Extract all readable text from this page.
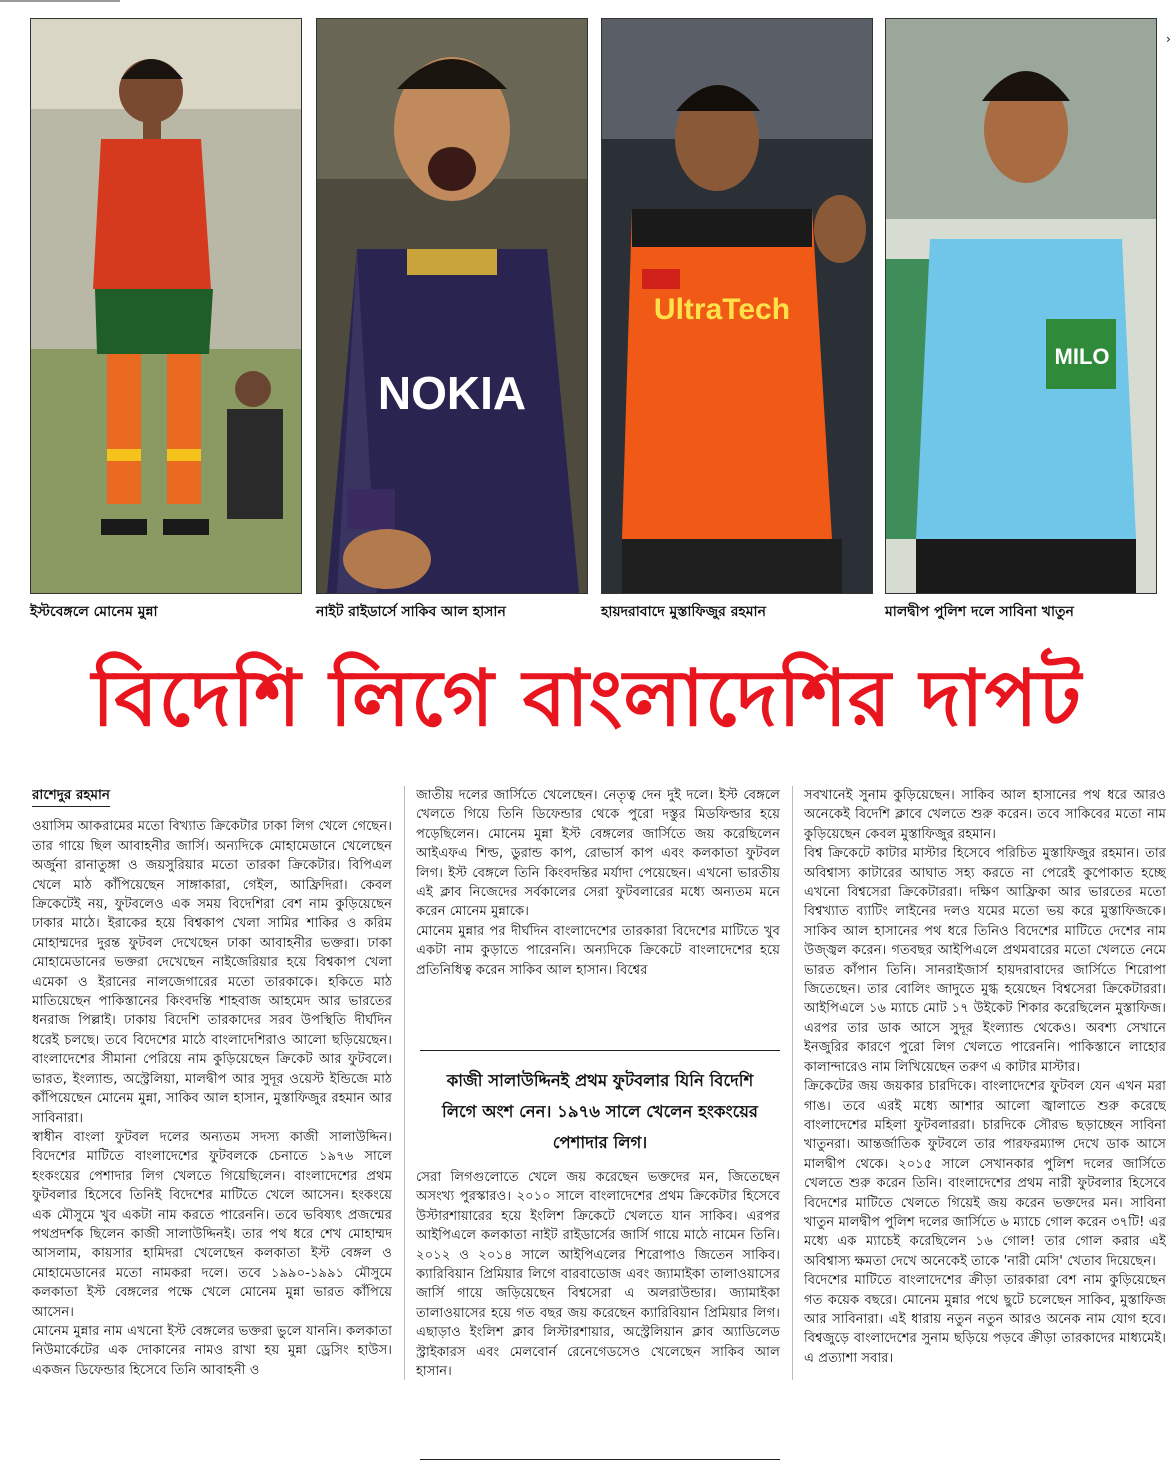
NOKIA
UltraTech
MILO
ইস্টবেঙ্গলে মোনেম মুন্না	নাইট রাইডার্সে সাকিব আল হাসান	হায়দরাবাদে মুস্তাফিজুর রহমান	মালদ্বীপ পুলিশ দলে সাবিনা খাতুন
›
বিদেশি লিগে বাংলাদেশির দাপট
রাশেদুর রহমান

ওয়াসিম আকরামের মতো বিখ্যাত ক্রিকেটার ঢাকা লিগ খেলে গেছেন। তার গায়ে ছিল আবাহনীর জার্সি। অন্যদিকে মোহামেডানে খেলেছেন অর্জুনা রানাতুঙ্গা ও জয়সুরিয়ার মতো তারকা ক্রিকেটার। বিপিএল খেলে মাঠ কাঁপিয়েছেন সাঙ্গাকারা, গেইল, আফ্রিদিরা। কেবল ক্রিকেটেই নয়, ফুটবলেও এক সময় বিদেশিরা বেশ নাম কুড়িয়েছেন ঢাকার মাঠে। ইরাকের হয়ে বিশ্বকাপ খেলা সামির শাকির ও করিম মোহাম্মদের দুরন্ত ফুটবল দেখেছেন ঢাকা আবাহনীর ভক্তরা। ঢাকা মোহামেডানের ভক্তরা দেখেছেন নাইজেরিয়ার হয়ে বিশ্বকাপ খেলা এমেকা ও ইরানের নালজেগারের মতো তারকাকে। হকিতে মাঠ মাতিয়েছেন পাকিস্তানের কিংবদন্তি শাহবাজ আহমেদ আর ভারতের ধনরাজ পিল্লাই। ঢাকায় বিদেশি তারকাদের সরব উপস্থিতি দীর্ঘদিন ধরেই চলছে। তবে বিদেশের মাঠে বাংলাদেশিরাও আলো ছড়িয়েছেন। বাংলাদেশের সীমানা পেরিয়ে নাম কুড়িয়েছেন ক্রিকেট আর ফুটবলে। ভারত, ইংল্যান্ড, অস্ট্রেলিয়া, মালদ্বীপ আর সুদূর ওয়েস্ট ইন্ডিজে মাঠ কাঁপিয়েছেন মোনেম মুন্না, সাকিব আল হাসান, মুস্তাফিজুর রহমান আর সাবিনারা।

স্বাধীন বাংলা ফুটবল দলের অন্যতম সদস্য কাজী সালাউদ্দিন। বিদেশের মাটিতে বাংলাদেশের ফুটবলকে চেনাতে ১৯৭৬ সালে হংকংয়ের পেশাদার লিগ খেলতে গিয়েছিলেন। বাংলাদেশের প্রথম ফুটবলার হিসেবে তিনিই বিদেশের মাটিতে খেলে আসেন। হংকংয়ে এক মৌসুমে খুব একটা নাম করতে পারেননি। তবে ভবিষ্যৎ প্রজন্মের পথপ্রদর্শক ছিলেন কাজী সালাউদ্দিনই। তার পথ ধরে শেখ মোহাম্মদ আসলাম, কায়সার হামিদরা খেলেছেন কলকাতা ইস্ট বেঙ্গল ও মোহামেডানের মতো নামকরা দলে। তবে ১৯৯০-১৯৯১ মৌসুমে কলকাতা ইস্ট বেঙ্গলের পক্ষে খেলে মোনেম মুন্না ভারত কাঁপিয়ে আসেন।

মোনেম মুন্নার নাম এখনো ইস্ট বেঙ্গলের ভক্তরা ভুলে যাননি। কলকাতা নিউমার্কেটের এক দোকানের নামও রাখা হয় মুন্না ড্রেসিং হাউস। একজন ডিফেন্ডার হিসেবে তিনি আবাহনী ও

জাতীয় দলের জার্সিতে খেলেছেন। নেতৃত্ব দেন দুই দলে। ইস্ট বেঙ্গলে খেলতে গিয়ে তিনি ডিফেন্ডার থেকে পুরো দস্তুর মিডফিল্ডার হয়ে পড়েছিলেন। মোনেম মুন্না ইস্ট বেঙ্গলের জার্সিতে জয় করেছিলেন আইএফএ শিল্ড, ডুরান্ড কাপ, রোভার্স কাপ এবং কলকাতা ফুটবল লিগ। ইস্ট বেঙ্গলে তিনি কিংবদন্তির মর্যাদা পেয়েছেন। এখনো ভারতীয় এই ক্লাব নিজেদের সর্বকালের সেরা ফুটবলারের মধ্যে অন্যতম মনে করেন মোনেম মুন্নাকে।

মোনেম মুন্নার পর দীর্ঘদিন বাংলাদেশের তারকারা বিদেশের মাটিতে খুব একটা নাম কুড়াতে পারেননি। অন্যদিকে ক্রিকেটে বাংলাদেশের হয়ে প্রতিনিধিত্ব করেন সাকিব আল হাসান। বিশ্বের

কাজী সালাউদ্দিনই প্রথম ফুটবলার যিনি বিদেশি লিগে অংশ নেন। ১৯৭৬ সালে খেলেন হংকংয়ের পেশাদার লিগ।

সেরা লিগগুলোতে খেলে জয় করেছেন ভক্তদের মন, জিতেছেন অসংখ্য পুরস্কারও। ২০১০ সালে বাংলাদেশের প্রথম ক্রিকেটার হিসেবে উস্টারশায়ারের হয়ে ইংলিশ ক্রিকেটে খেলতে যান সাকিব। এরপর আইপিএলে কলকাতা নাইট রাইডার্সের জার্সি গায়ে মাঠে নামেন তিনি। ২০১২ ও ২০১৪ সালে আইপিএলের শিরোপাও জিতেন সাকিব। ক্যারিবিয়ান প্রিমিয়ার লিগে বারবাডোজ এবং জ্যামাইকা তালাওয়াসের জার্সি গায়ে জড়িয়েছেন বিশ্বসেরা এ অলরাউন্ডার। জ্যামাইকা তালাওয়াসের হয়ে গত বছর জয় করেছেন ক্যারিবিয়ান প্রিমিয়ার লিগ। এছাড়াও ইংলিশ ক্লাব লিস্টারশায়ার, অস্ট্রেলিয়ান ক্লাব অ্যাডিলেড স্ট্রাইকারস এবং মেলবোর্ন রেনেগেডসেও খেলেছেন সাকিব আল হাসান।

সবখানেই সুনাম কুড়িয়েছেন। সাকিব আল হাসানের পথ ধরে আরও অনেকেই বিদেশি ক্লাবে খেলতে শুরু করেন। তবে সাকিবের মতো নাম কুড়িয়েছেন কেবল মুস্তাফিজুর রহমান।

বিশ্ব ক্রিকেটে কাটার মাস্টার হিসেবে পরিচিত মুস্তাফিজুর রহমান। তার অবিশ্বাস্য কাটারের আঘাত সহ্য করতে না পেরেই কুপোকাত হচ্ছে এখনো বিশ্বসেরা ক্রিকেটাররা। দক্ষিণ আফ্রিকা আর ভারতের মতো বিশ্বখ্যাত ব্যাটিং লাইনের দলও যমের মতো ভয় করে মুস্তাফিজকে। সাকিব আল হাসানের পথ ধরে তিনিও বিদেশের মাটিতে দেশের নাম উজ্জ্বল করেন। গতবছর আইপিএলে প্রথমবারের মতো খেলতে নেমে ভারত কাঁপান তিনি। সানরাইজার্স হায়দরাবাদের জার্সিতে শিরোপা জিতেছেন। তার বোলিং জাদুতে মুগ্ধ হয়েছেন বিশ্বসেরা ক্রিকেটাররা। আইপিএলে ১৬ ম্যাচে মোট ১৭ উইকেট শিকার করেছিলেন মুস্তাফিজ। এরপর তার ডাক আসে সুদূর ইংল্যান্ড থেকেও। অবশ্য সেখানে ইনজুরির কারণে পুরো লিগ খেলতে পারেননি। পাকিস্তানে লাহোর কালান্দারেও নাম লিখিয়েছেন তরুণ এ কাটার মাস্টার।

ক্রিকেটের জয় জয়কার চারদিকে। বাংলাদেশের ফুটবল যেন এখন মরা গাঙ। তবে এরই মধ্যে আশার আলো জ্বালাতে শুরু করেছে বাংলাদেশের মহিলা ফুটবলাররা। চারদিকে সৌরভ ছড়াচ্ছেন সাবিনা খাতুনরা। আন্তর্জাতিক ফুটবলে তার পারফরম্যান্স দেখে ডাক আসে মালদ্বীপ থেকে। ২০১৫ সালে সেখানকার পুলিশ দলের জার্সিতে খেলতে শুরু করেন তিনি। বাংলাদেশের প্রথম নারী ফুটবলার হিসেবে বিদেশের মাটিতে খেলতে গিয়েই জয় করেন ভক্তদের মন। সাবিনা খাতুন মালদ্বীপ পুলিশ দলের জার্সিতে ৬ ম্যাচে গোল করেন ৩৭টি! এর মধ্যে এক ম্যাচেই করেছিলেন ১৬ গোল! তার গোল করার এই অবিশ্বাস্য ক্ষমতা দেখে অনেকেই তাকে 'নারী মেসি' খেতাব দিয়েছেন।

বিদেশের মাটিতে বাংলাদেশের ক্রীড়া তারকারা বেশ নাম কুড়িয়েছেন গত কয়েক বছরে। মোনেম মুন্নার পথে ছুটে চলেছেন সাকিব, মুস্তাফিজ আর সাবিনারা। এই ধারায় নতুন নতুন আরও অনেক নাম যোগ হবে। বিশ্বজুড়ে বাংলাদেশের সুনাম ছড়িয়ে পড়বে ক্রীড়া তারকাদের মাধ্যমেই। এ প্রত্যাশা সবার।
